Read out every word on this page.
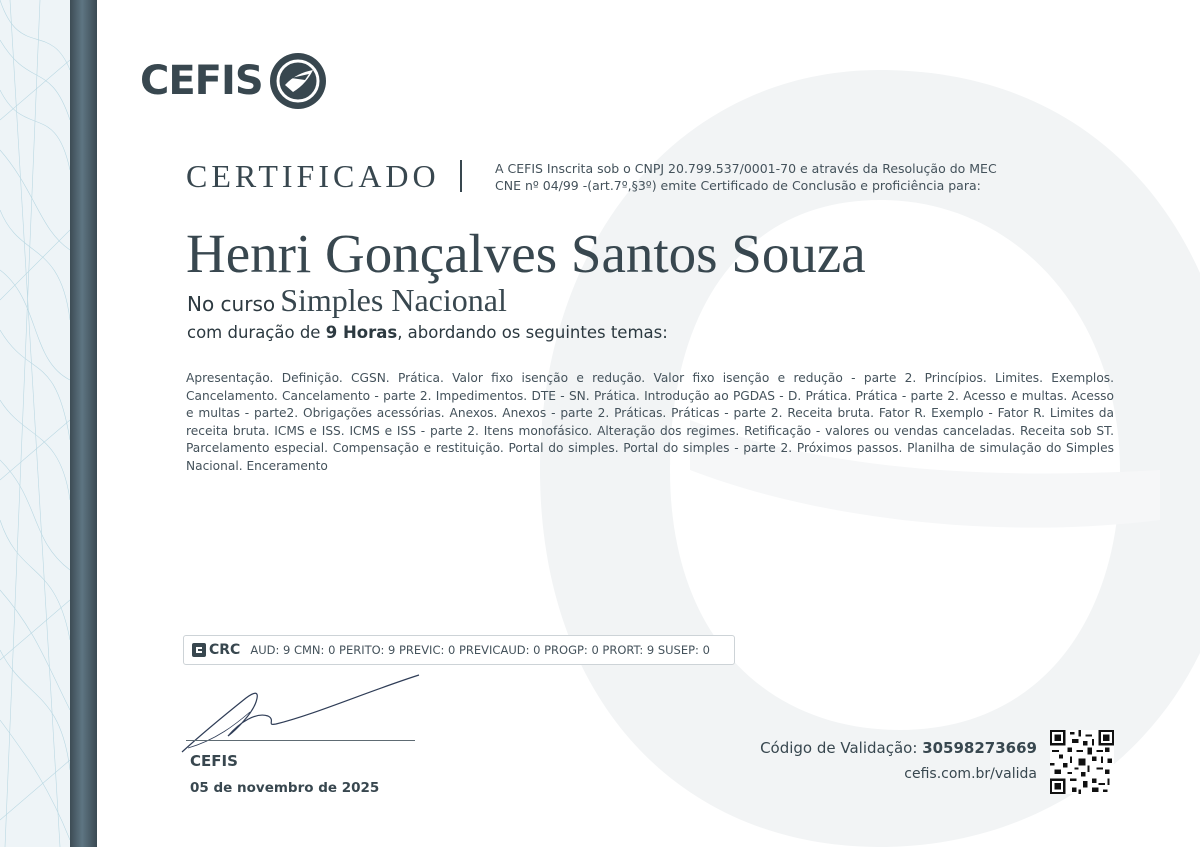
CEFIS
CERTIFICADO	A CEFIS Inscrita sob o CNPJ 20.799.537/0001-70 e através da Resolução do MEC CNE nº 04/99 -(art.7º,§3º) emite Certificado de Conclusão e proficiência para:
Henri Gonçalves Santos Souza
No curso Simples Nacional
com duração de 9 Horas, abordando os seguintes temas:
Apresentação. Definição. CGSN. Prática. Valor fixo isenção e redução. Valor fixo isenção e redução - parte 2. Princípios. Limites. Exemplos. Cancelamento. Cancelamento - parte 2. Impedimentos. DTE - SN. Prática. Introdução ao PGDAS - D. Prática. Prática - parte 2. Acesso e multas. Acesso e multas - parte2. Obrigações acessórias. Anexos. Anexos - parte 2. Práticas. Práticas - parte 2. Receita bruta. Fator R. Exemplo - Fator R. Limites da receita bruta. ICMS e ISS. ICMS e ISS - parte 2. Itens monofásico. Alteração dos regimes. Retificação - valores ou vendas canceladas. Receita sob ST. Parcelamento especial. Compensação e restituição. Portal do simples. Portal do simples - parte 2. Próximos passos. Planilha de simulação do Simples Nacional. Enceramento
CRC AUD: 9 CMN: 0 PERITO: 9 PREVIC: 0 PREVICAUD: 0 PROGP: 0 PRORT: 9 SUSEP: 0
CEFIS
05 de novembro de 2025
Código de Validação: 30598273669
cefis.com.br/valida
